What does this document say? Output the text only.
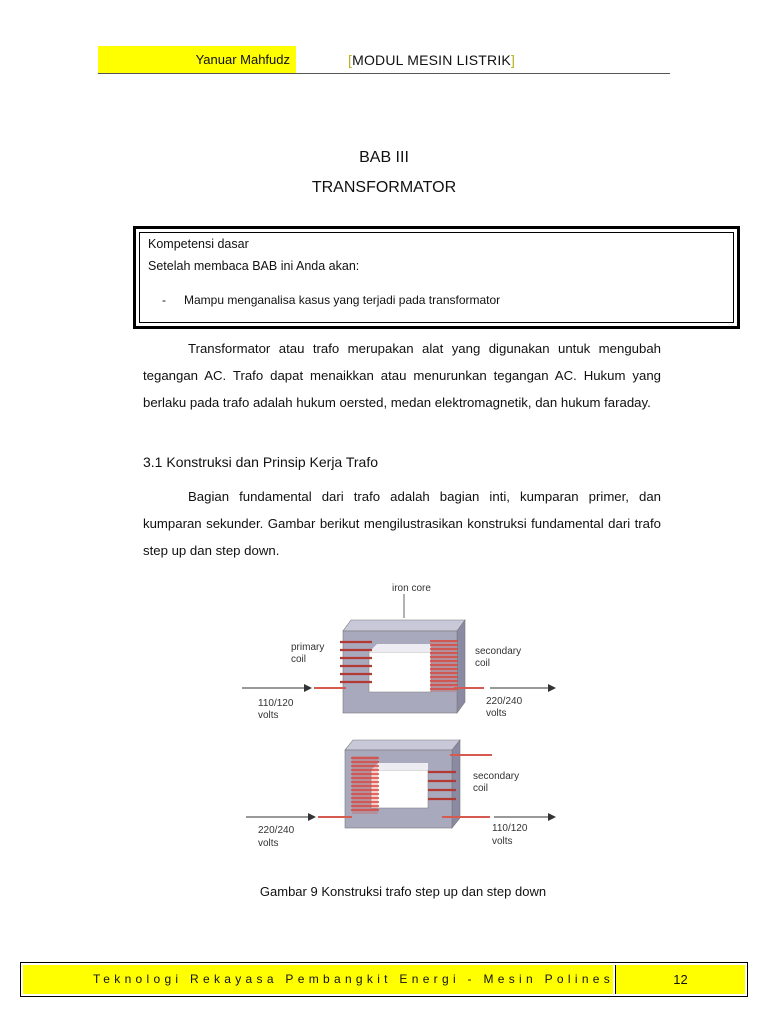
Yanuar Mahfudz	[MODUL MESIN LISTRIK]
BAB III
TRANSFORMATOR
Kompetensi dasar
Setelah membaca BAB ini Anda akan:
- Mampu menganalisa kasus yang terjadi pada transformator
Transformator atau trafo merupakan alat yang digunakan untuk mengubah tegangan AC. Trafo dapat menaikkan atau menurunkan tegangan AC. Hukum yang berlaku pada trafo adalah hukum oersted, medan elektromagnetik, dan hukum faraday.
3.1 Konstruksi dan Prinsip Kerja Trafo
Bagian fundamental dari trafo adalah bagian inti, kumparan primer, dan kumparan sekunder. Gambar berikut mengilustrasikan konstruksi fundamental dari trafo step up dan step down.
iron core
primary
coil
secondary
coil
110/120
volts
220/240
volts
secondary
coil
220/240
volts
110/120
volts
Gambar 9 Konstruksi trafo step up dan step down
Teknologi Rekayasa Pembangkit Energi - Mesin Polines	12
